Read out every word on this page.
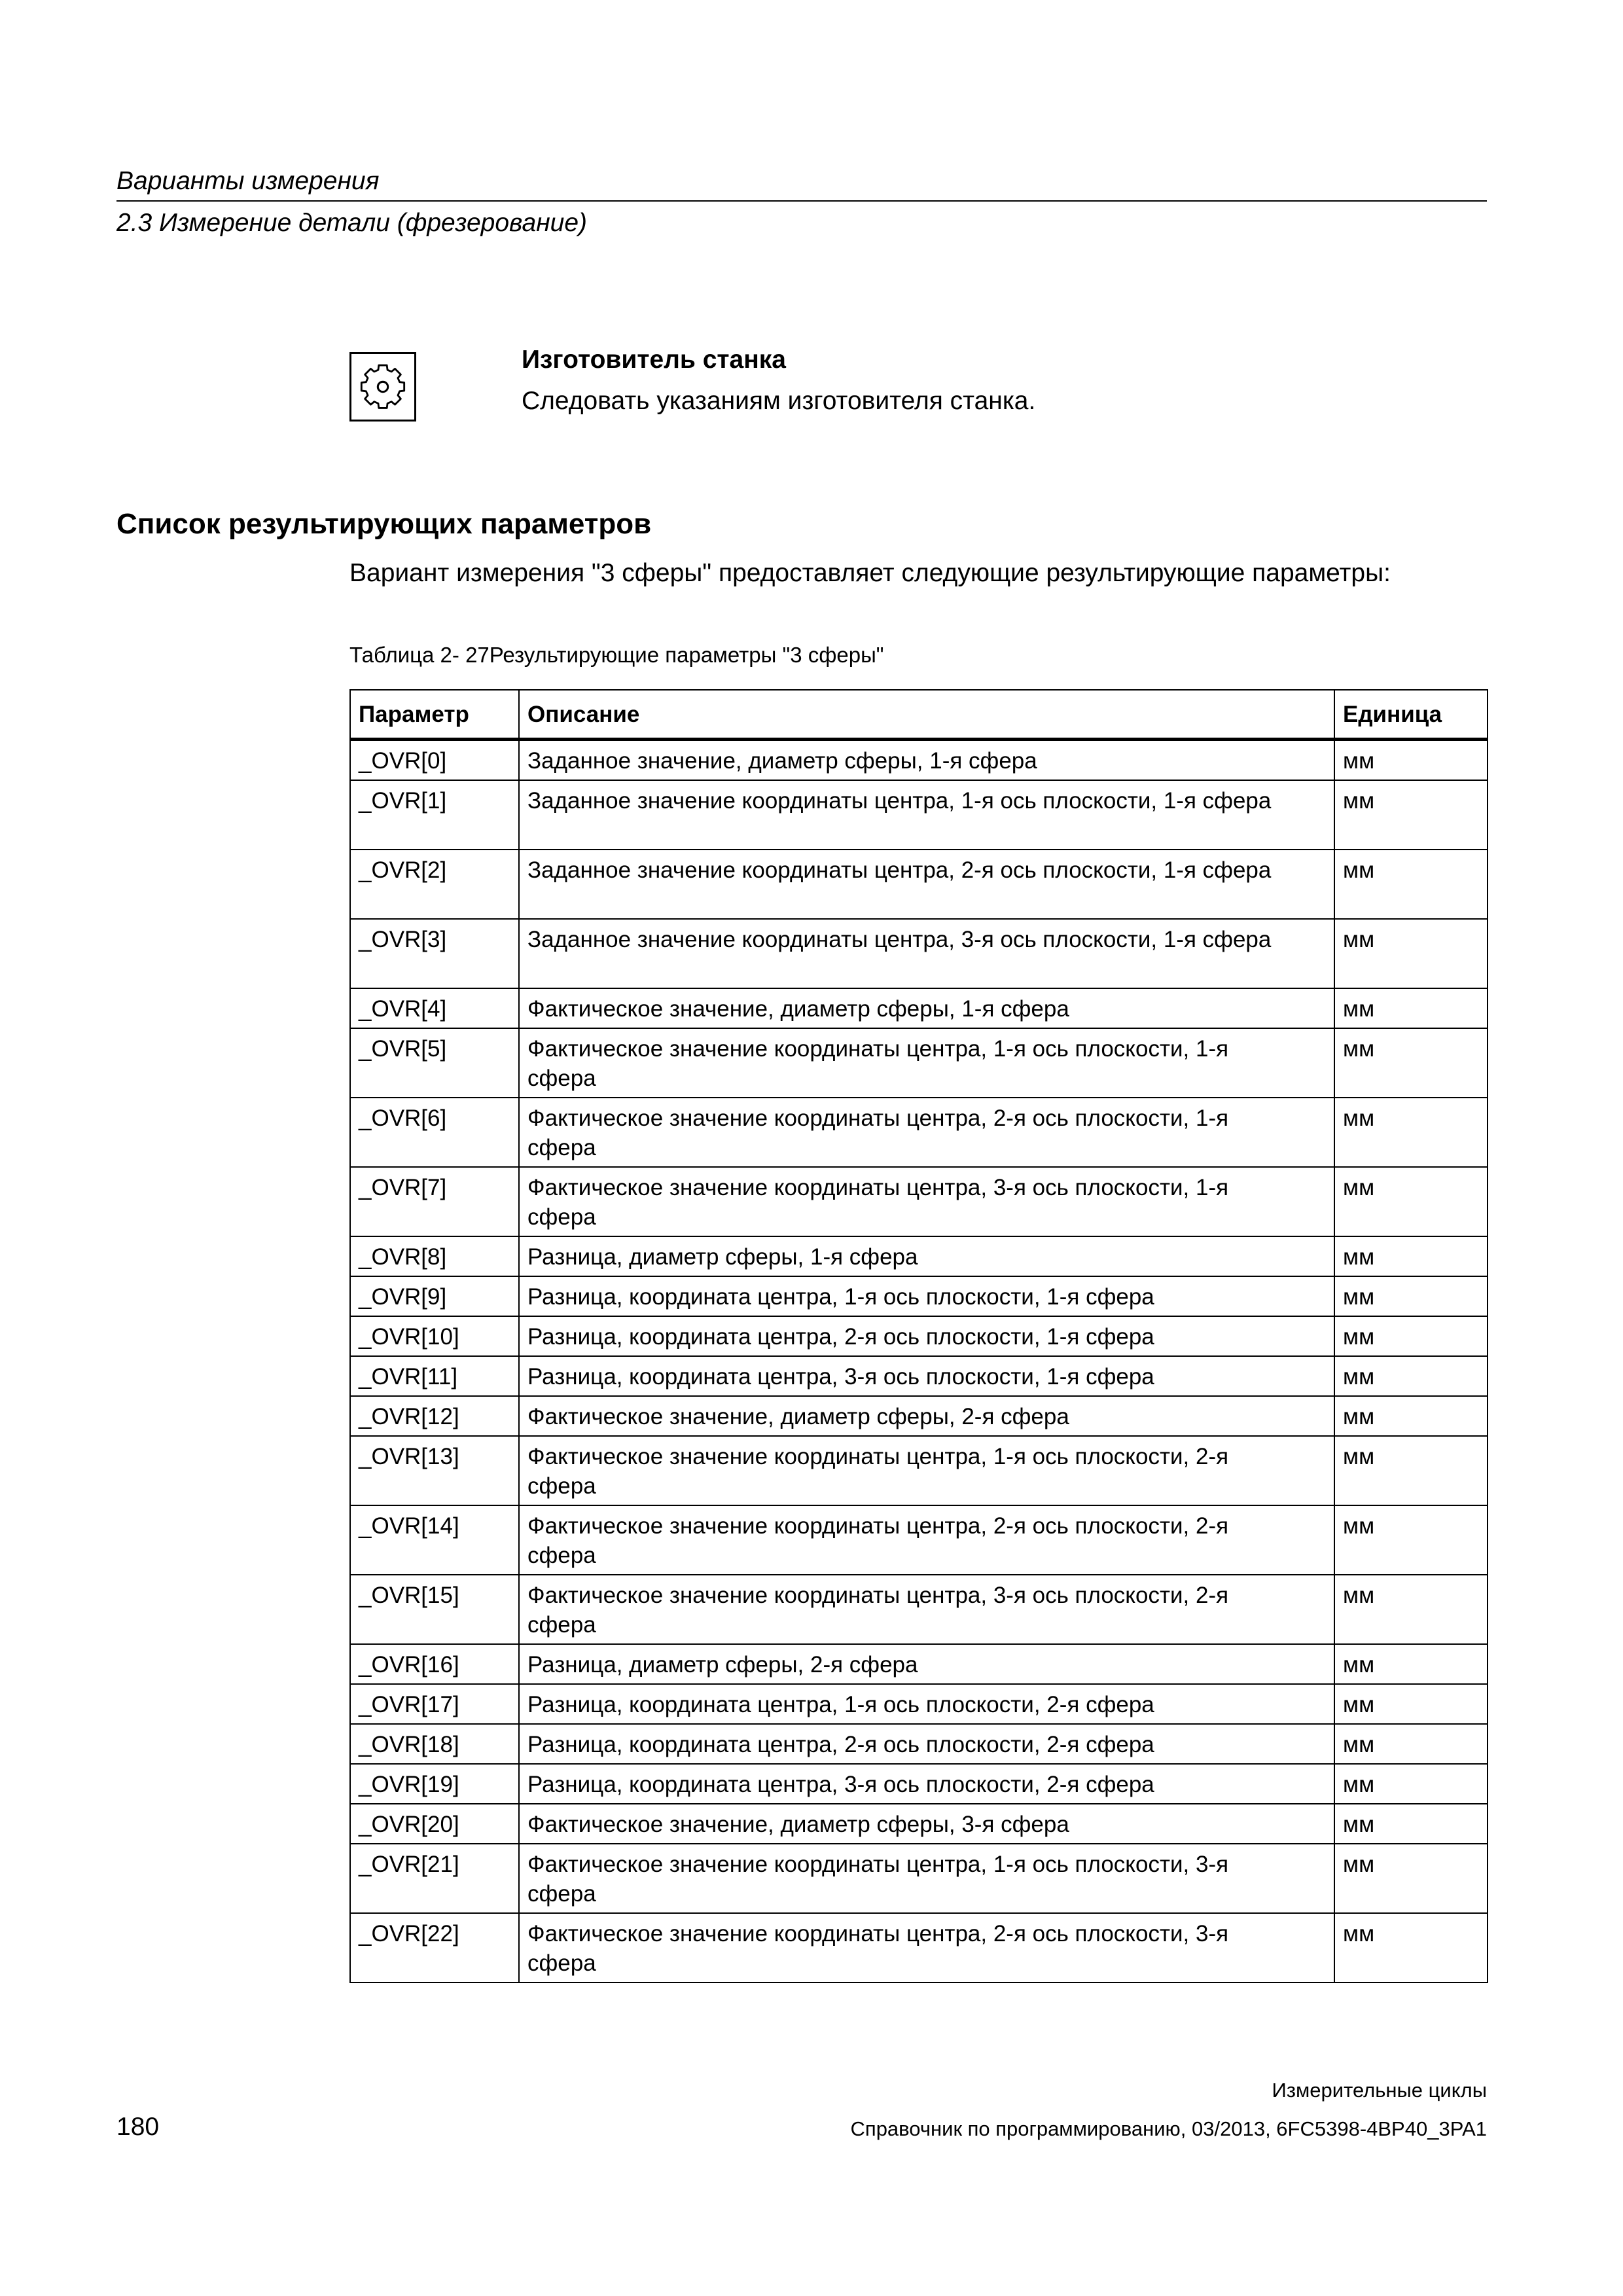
Варианты измерения
2.3 Измерение детали (фрезерование)
Изготовитель станка
Следовать указаниям изготовителя станка.
Список результирующих параметров
Вариант измерения "3 сферы" предоставляет следующие результирующие параметры:
Таблица 2- 27Результирующие параметры "3 сферы"
Параметр	Описание	Единица
_OVR[0]	Заданное значение, диаметр сферы, 1-я сфера	мм
_OVR[1]	Заданное значение координаты центра, 1-я ось плоскости, 1-я сфера	мм
_OVR[2]	Заданное значение координаты центра, 2-я ось плоскости, 1-я сфера	мм
_OVR[3]	Заданное значение координаты центра, 3-я ось плоскости, 1-я сфера	мм
_OVR[4]	Фактическое значение, диаметр сферы, 1-я сфера	мм
_OVR[5]	Фактическое значение координаты центра, 1-я ось плоскости, 1-я сфера	мм
_OVR[6]	Фактическое значение координаты центра, 2-я ось плоскости, 1-я сфера	мм
_OVR[7]	Фактическое значение координаты центра, 3-я ось плоскости, 1-я сфера	мм
_OVR[8]	Разница, диаметр сферы, 1-я сфера	мм
_OVR[9]	Разница, координата центра, 1-я ось плоскости, 1-я сфера	мм
_OVR[10]	Разница, координата центра, 2-я ось плоскости, 1-я сфера	мм
_OVR[11]	Разница, координата центра, 3-я ось плоскости, 1-я сфера	мм
_OVR[12]	Фактическое значение, диаметр сферы, 2-я сфера	мм
_OVR[13]	Фактическое значение координаты центра, 1-я ось плоскости, 2-я сфера	мм
_OVR[14]	Фактическое значение координаты центра, 2-я ось плоскости, 2-я сфера	мм
_OVR[15]	Фактическое значение координаты центра, 3-я ось плоскости, 2-я сфера	мм
_OVR[16]	Разница, диаметр сферы, 2-я сфера	мм
_OVR[17]	Разница, координата центра, 1-я ось плоскости, 2-я сфера	мм
_OVR[18]	Разница, координата центра, 2-я ось плоскости, 2-я сфера	мм
_OVR[19]	Разница, координата центра, 3-я ось плоскости, 2-я сфера	мм
_OVR[20]	Фактическое значение, диаметр сферы, 3-я сфера	мм
_OVR[21]	Фактическое значение координаты центра, 1-я ось плоскости, 3-я сфера	мм
_OVR[22]	Фактическое значение координаты центра, 2-я ось плоскости, 3-я сфера	мм
Измерительные циклы
180	Справочник по программированию, 03/2013, 6FC5398-4BP40_3PA1
